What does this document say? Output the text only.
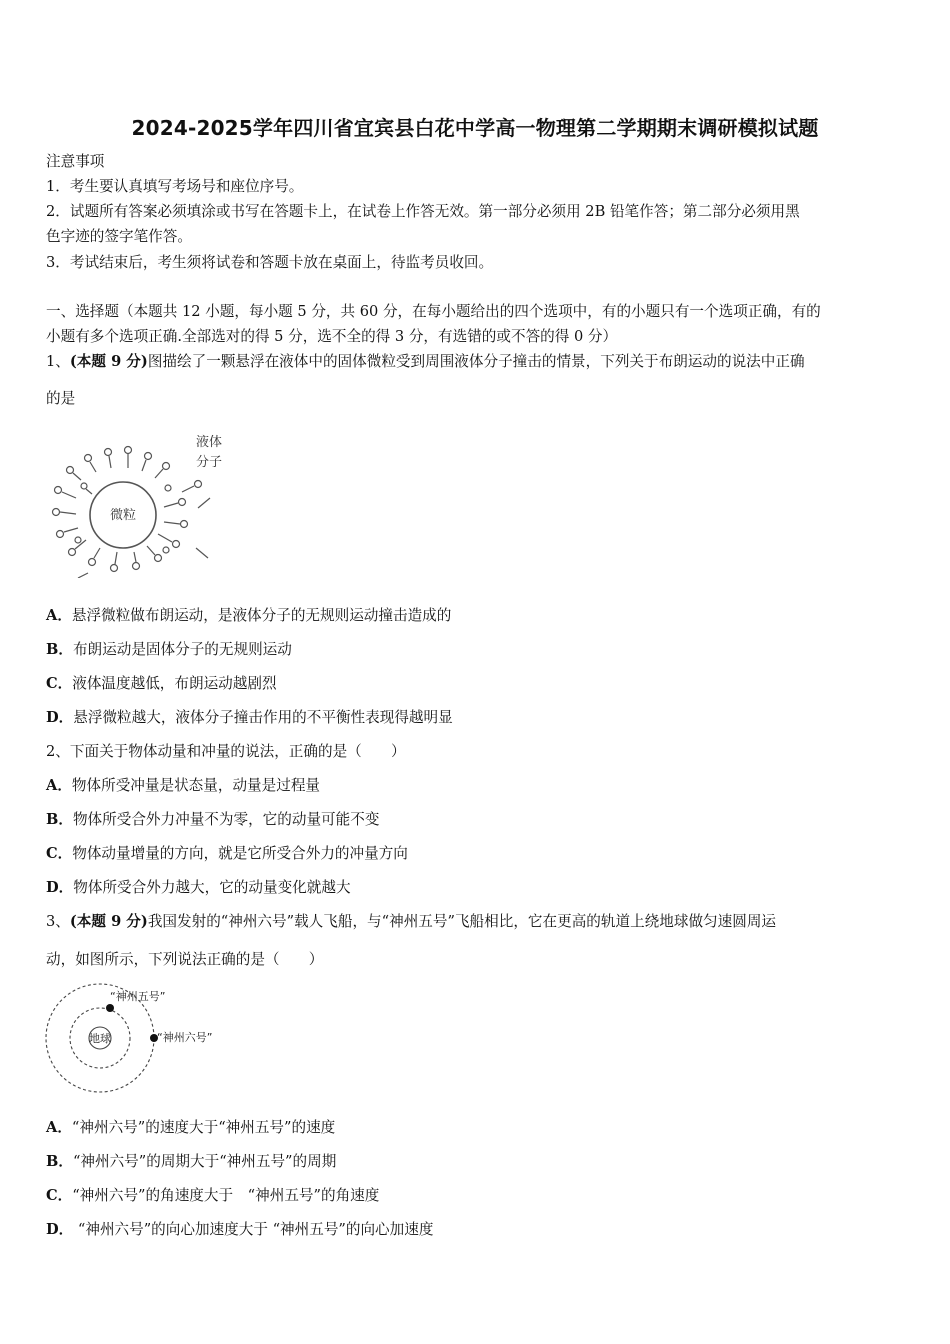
2024-2025学年四川省宜宾县白花中学高一物理第二学期期末调研模拟试题
注意事项
1．考生要认真填写考场号和座位序号。
2．试题所有答案必须填涂或书写在答题卡上，在试卷上作答无效。第一部分必须用 2B 铅笔作答；第二部分必须用黑
色字迹的签字笔作答。
3．考试结束后，考生须将试卷和答题卡放在桌面上，待监考员收回。
一、选择题（本题共 12 小题，每小题 5 分，共 60 分，在每小题给出的四个选项中，有的小题只有一个选项正确，有的
小题有多个选项正确.全部选对的得 5 分，选不全的得 3 分，有选错的或不答的得 0 分）
1、(本题 9 分)图描绘了一颗悬浮在液体中的固体微粒受到周围液体分子撞击的情景，下列关于布朗运动的说法中正确
的是
微粒
液体
分子
A．悬浮微粒做布朗运动，是液体分子的无规则运动撞击造成的
B．布朗运动是固体分子的无规则运动
C．液体温度越低，布朗运动越剧烈
D．悬浮微粒越大，液体分子撞击作用的不平衡性表现得越明显
2、下面关于物体动量和冲量的说法，正确的是（　　）
A．物体所受冲量是状态量，动量是过程量
B．物体所受合外力冲量不为零，它的动量可能不变
C．物体动量增量的方向，就是它所受合外力的冲量方向
D．物体所受合外力越大，它的动量变化就越大
3、(本题 9 分)我国发射的“神州六号”载人飞船，与“神州五号”飞船相比，它在更高的轨道上绕地球做匀速圆周运
动，如图所示，下列说法正确的是（　　）
地球
“神州五号”
“神州六号”
A．“神州六号”的速度大于“神州五号”的速度
B．“神州六号”的周期大于“神州五号”的周期
C．“神州六号”的角速度大于　“神州五号”的角速度
D． “神州六号”的向心加速度大于 “神州五号”的向心加速度
